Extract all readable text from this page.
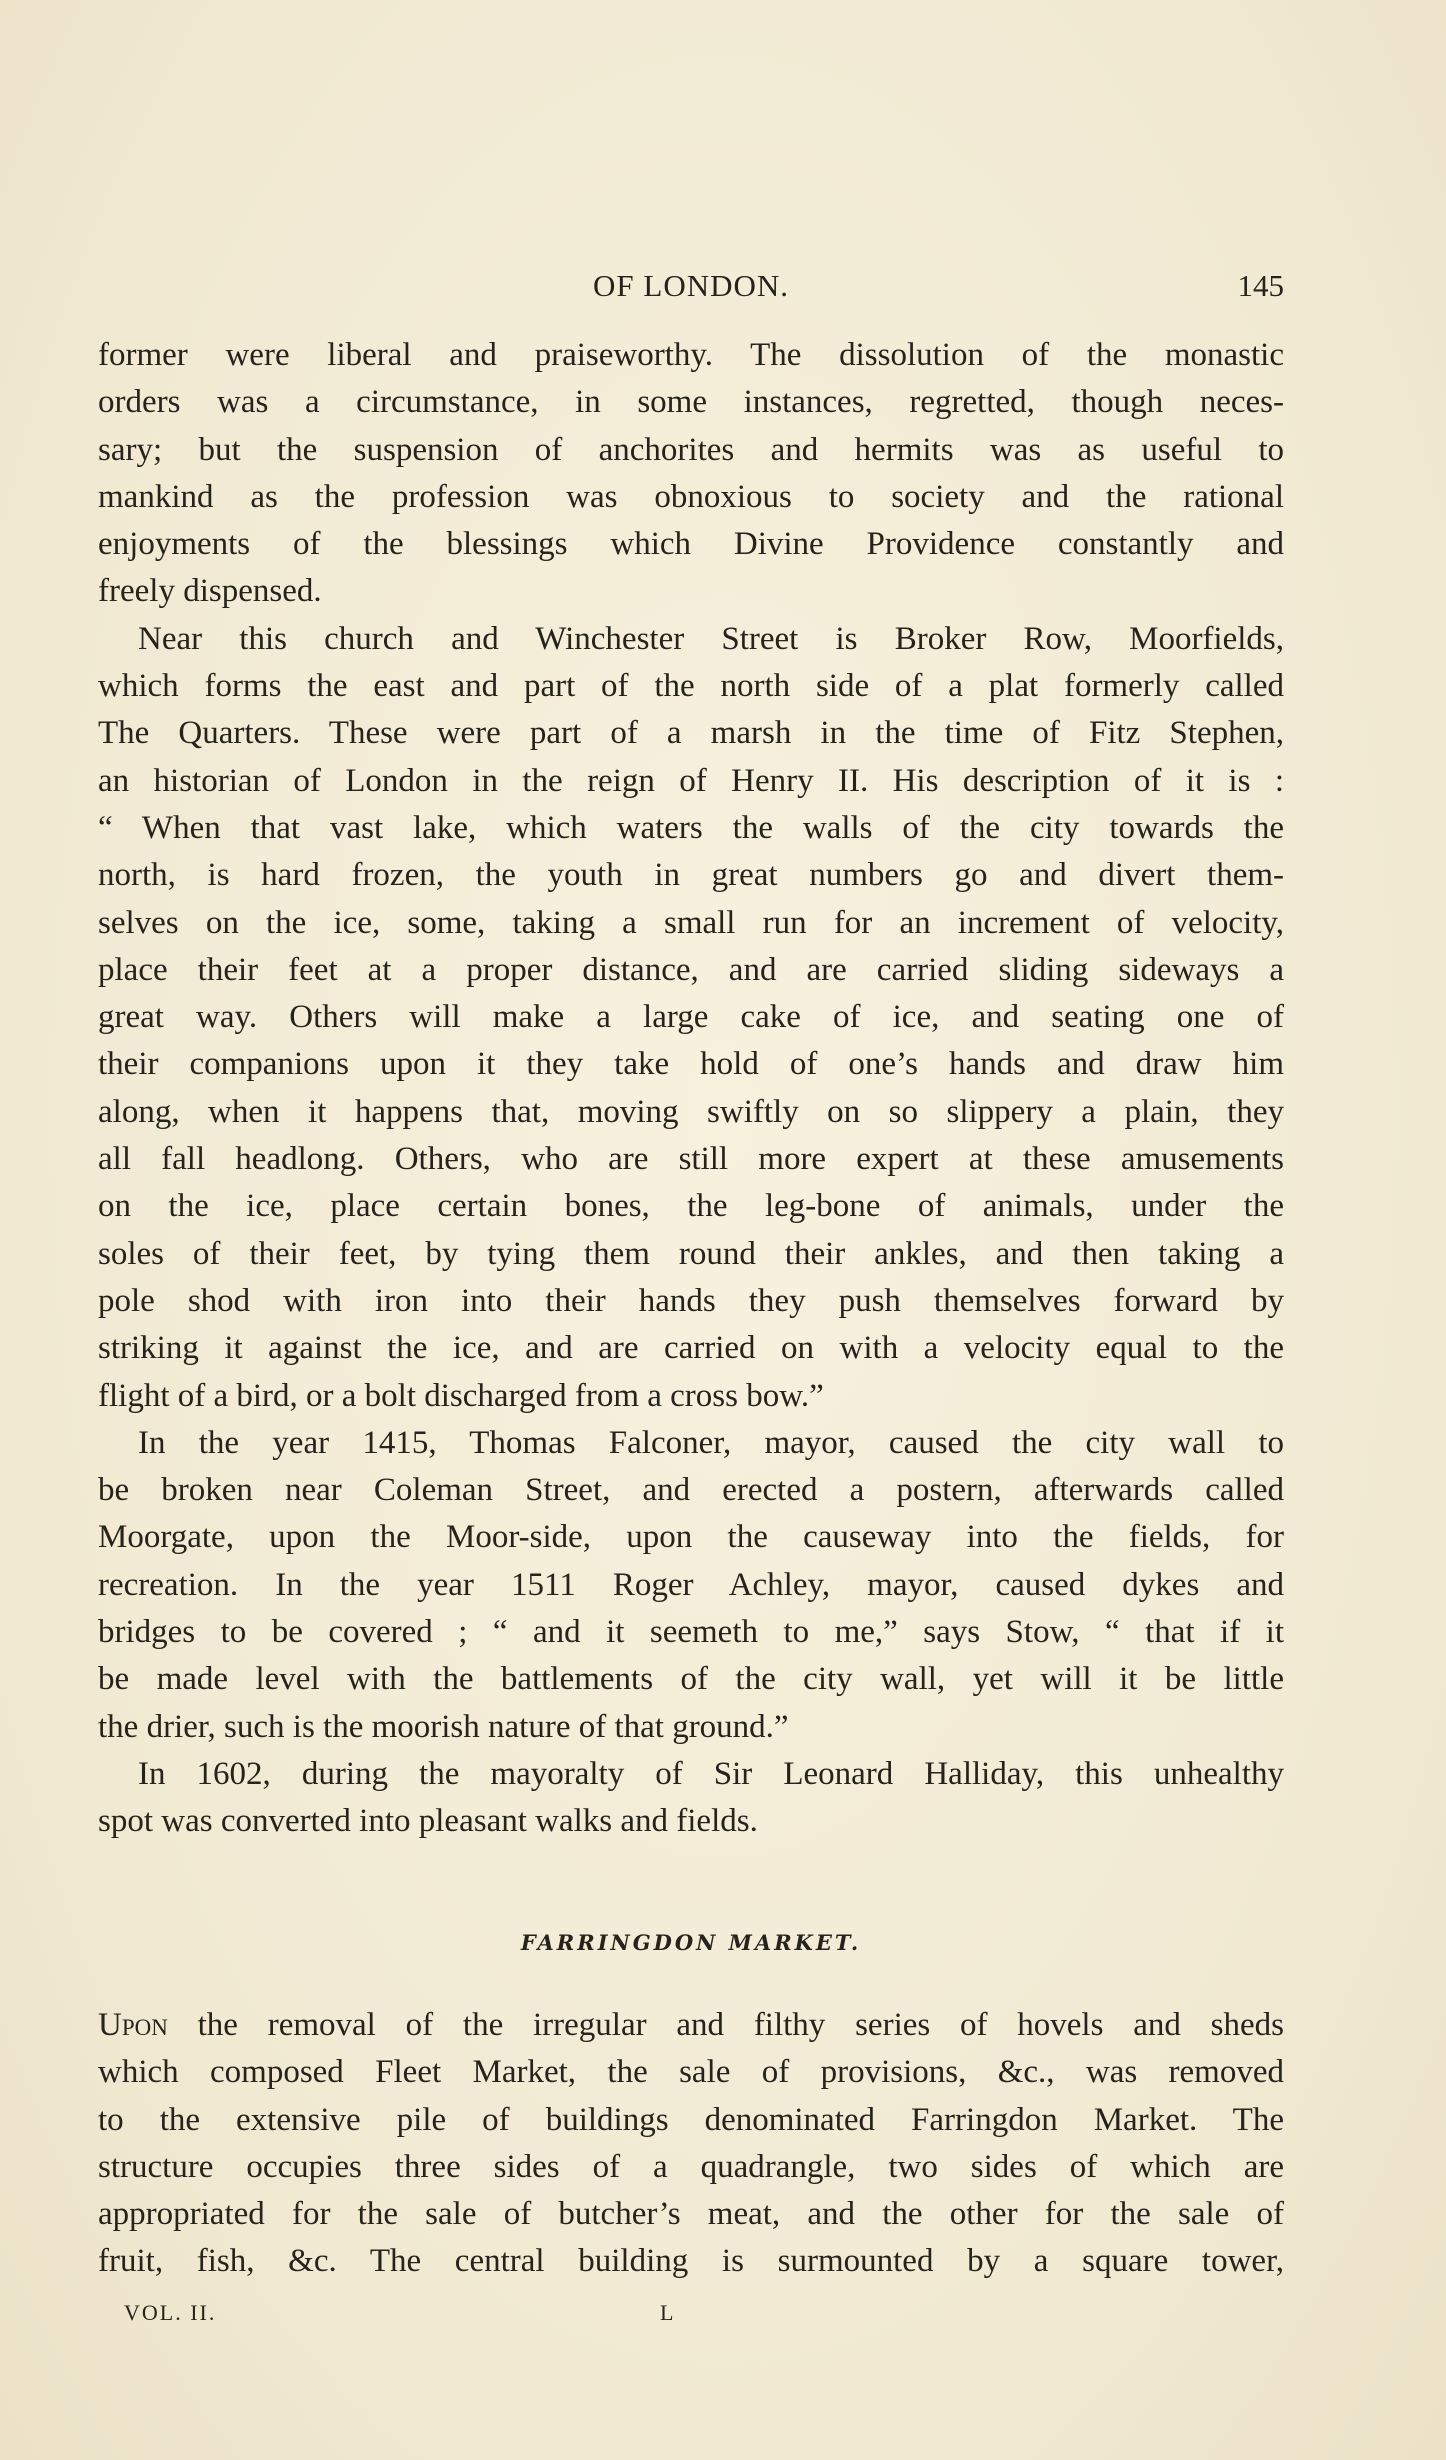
OF LONDON.	145
former were liberal and praiseworthy. The dissolution of the monastic
orders was a circumstance, in some instances, regretted, though neces-
sary; but the suspension of anchorites and hermits was as useful to
mankind as the profession was obnoxious to society and the rational
enjoyments of the blessings which Divine Providence constantly and
freely dispensed.
Near this church and Winchester Street is Broker Row, Moorfields,
which forms the east and part of the north side of a plat formerly called
The Quarters. These were part of a marsh in the time of Fitz Stephen,
an historian of London in the reign of Henry II. His description of it is :
“ When that vast lake, which waters the walls of the city towards the
north, is hard frozen, the youth in great numbers go and divert them-
selves on the ice, some, taking a small run for an increment of velocity,
place their feet at a proper distance, and are carried sliding sideways a
great way. Others will make a large cake of ice, and seating one of
their companions upon it they take hold of one’s hands and draw him
along, when it happens that, moving swiftly on so slippery a plain, they
all fall headlong. Others, who are still more expert at these amusements
on the ice, place certain bones, the leg-bone of animals, under the
soles of their feet, by tying them round their ankles, and then taking a
pole shod with iron into their hands they push themselves forward by
striking it against the ice, and are carried on with a velocity equal to the
flight of a bird, or a bolt discharged from a cross bow.”
In the year 1415, Thomas Falconer, mayor, caused the city wall to
be broken near Coleman Street, and erected a postern, afterwards called
Moorgate, upon the Moor-side, upon the causeway into the fields, for
recreation. In the year 1511 Roger Achley, mayor, caused dykes and
bridges to be covered ; “ and it seemeth to me,” says Stow, “ that if it
be made level with the battlements of the city wall, yet will it be little
the drier, such is the moorish nature of that ground.”
In 1602, during the mayoralty of Sir Leonard Halliday, this unhealthy
spot was converted into pleasant walks and fields.
FARRINGDON MARKET.
Upon the removal of the irregular and filthy series of hovels and sheds
which composed Fleet Market, the sale of provisions, &c., was removed
to the extensive pile of buildings denominated Farringdon Market. The
structure occupies three sides of a quadrangle, two sides of which are
appropriated for the sale of butcher’s meat, and the other for the sale of
fruit, fish, &c. The central building is surmounted by a square tower,
VOL. II.	L
